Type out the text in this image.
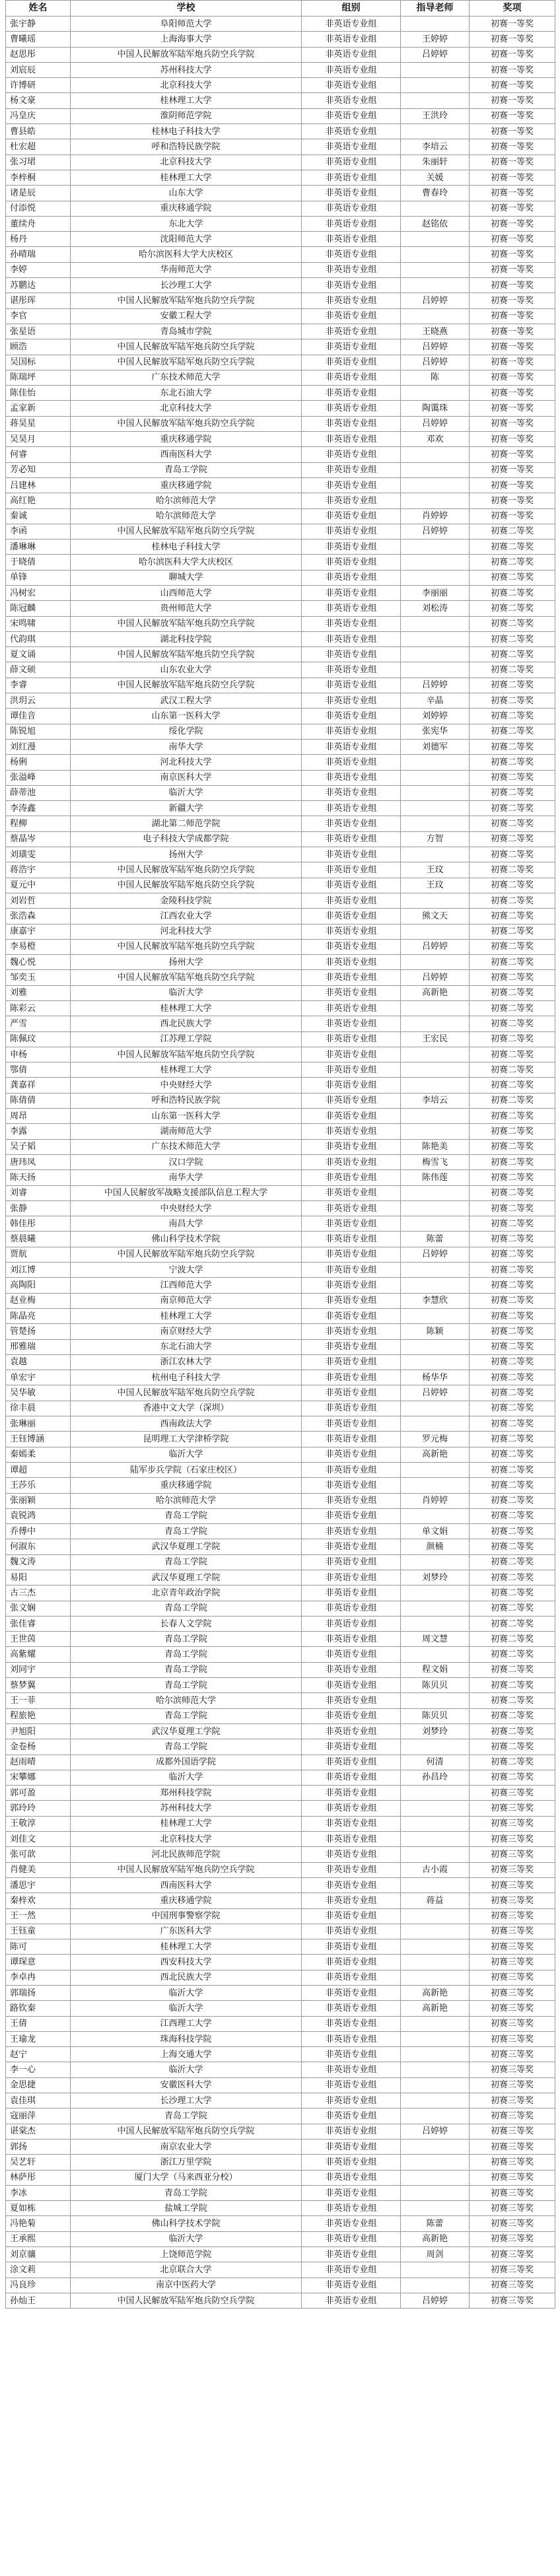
姓名	学校	组别	指导老师	奖项
张宇静	阜阳师范大学	非英语专业组		初赛一等奖
曹曦瑶	上海海事大学	非英语专业组	王婷婷	初赛一等奖
赵思彤	中国人民解放军陆军炮兵防空兵学院	非英语专业组	吕婷婷	初赛一等奖
刘宸辰	苏州科技大学	非英语专业组		初赛一等奖
许博研	北京科技大学	非英语专业组		初赛一等奖
杨文豪	桂林理工大学	非英语专业组		初赛一等奖
冯皇庆	淮阴师范学院	非英语专业组	王洪玲	初赛一等奖
曹县皓	桂林电子科技大学	非英语专业组		初赛一等奖
杜宏超	呼和浩特民族学院	非英语专业组	李培云	初赛一等奖
张习珺	北京科技大学	非英语专业组	朱丽轩	初赛一等奖
李梓桐	桂林理工大学	非英语专业组	关媛	初赛一等奖
诸是辰	山东大学	非英语专业组	曹春玲	初赛一等奖
付添悦	重庆移通学院	非英语专业组		初赛一等奖
董续舟	东北大学	非英语专业组	赵铭依	初赛一等奖
杨丹	沈阳师范大学	非英语专业组		初赛一等奖
孙晴瑞	哈尔滨医科大学大庆校区	非英语专业组		初赛一等奖
李婷	华南师范大学	非英语专业组		初赛一等奖
苏鹏达	长沙理工大学	非英语专业组		初赛一等奖
谌彤珲	中国人民解放军陆军炮兵防空兵学院	非英语专业组	吕婷婷	初赛一等奖
李官	安徽工程大学	非英语专业组		初赛一等奖
张星语	青岛城市学院	非英语专业组	王晓燕	初赛一等奖
顾浩	中国人民解放军陆军炮兵防空兵学院	非英语专业组	吕婷婷	初赛一等奖
吴国标	中国人民解放军陆军炮兵防空兵学院	非英语专业组	吕婷婷	初赛一等奖
陈瑞坪	广东技术师范大学	非英语专业组	陈	初赛一等奖
陈佳怡	东北石油大学	非英语专业组		初赛一等奖
孟家新	北京科技大学	非英语专业组	陶霭珠	初赛一等奖
蒋昊星	中国人民解放军陆军炮兵防空兵学院	非英语专业组	吕婷婷	初赛一等奖
吴昊月	重庆移通学院	非英语专业组	邓欢	初赛一等奖
何睿	西南医科大学	非英语专业组		初赛一等奖
芳必知	青岛工学院	非英语专业组		初赛一等奖
吕建林	重庆移通学院	非英语专业组		初赛一等奖
高红艳	哈尔滨师范大学	非英语专业组		初赛一等奖
秦诚	哈尔滨师范大学	非英语专业组	肖婷婷	初赛一等奖
李函	中国人民解放军陆军炮兵防空兵学院	非英语专业组	吕婷婷	初赛二等奖
潘琳琳	桂林电子科技大学	非英语专业组		初赛二等奖
于晓倩	哈尔滨医科大学大庆校区	非英语专业组		初赛二等奖
单锋	聊城大学	非英语专业组		初赛二等奖
冯树宏	山西师范大学	非英语专业组	李丽丽	初赛二等奖
陈冠麟	贵州师范大学	非英语专业组	刘松涛	初赛二等奖
宋鸣啸	中国人民解放军陆军炮兵防空兵学院	非英语专业组		初赛二等奖
代韵琪	湖北科技学院	非英语专业组		初赛二等奖
夏文诵	中国人民解放军陆军炮兵防空兵学院	非英语专业组		初赛二等奖
薛文硕	山东农业大学	非英语专业组		初赛二等奖
李睿	中国人民解放军陆军炮兵防空兵学院	非英语专业组	吕婷婷	初赛二等奖
洪玥云	武汉工程大学	非英语专业组	辛晶	初赛二等奖
谭佳音	山东第一医科大学	非英语专业组	刘婷婷	初赛二等奖
陈锐旭	绥化学院	非英语专业组	张宪华	初赛二等奖
刘红漫	南华大学	非英语专业组	刘德军	初赛二等奖
杨俐	河北科技大学	非英语专业组		初赛二等奖
张溢峰	南京医科大学	非英语专业组		初赛二等奖
薛蒂池	临沂大学	非英语专业组		初赛二等奖
李涛鑫	新疆大学	非英语专业组		初赛二等奖
程柳	湖北第二师范学院	非英语专业组		初赛二等奖
蔡晶岑	电子科技大学成都学院	非英语专业组	方智	初赛二等奖
刘璜雯	扬州大学	非英语专业组		初赛二等奖
蒋浩宇	中国人民解放军陆军炮兵防空兵学院	非英语专业组	王玟	初赛二等奖
夏元中	中国人民解放军陆军炮兵防空兵学院	非英语专业组	王玟	初赛二等奖
刘岩哲	金陵科技学院	非英语专业组		初赛二等奖
张浩森	江西农业大学	非英语专业组	熊文天	初赛二等奖
康嘉宇	河北科技大学	非英语专业组		初赛二等奖
李易橙	中国人民解放军陆军炮兵防空兵学院	非英语专业组	吕婷婷	初赛二等奖
魏心悦	扬州大学	非英语专业组		初赛二等奖
邹奕玉	中国人民解放军陆军炮兵防空兵学院	非英语专业组	吕婷婷	初赛二等奖
刘雅	临沂大学	非英语专业组	高新艳	初赛二等奖
陈彩云	桂林理工大学	非英语专业组		初赛二等奖
严雪	西北民族大学	非英语专业组		初赛二等奖
陈佩玟	江苏理工学院	非英语专业组	王宏民	初赛二等奖
申杨	中国人民解放军陆军炮兵防空兵学院	非英语专业组		初赛二等奖
鄂倩	桂林理工大学	非英语专业组		初赛二等奖
龚嘉祥	中央财经大学	非英语专业组		初赛二等奖
陈倩倩	呼和浩特民族学院	非英语专业组	李培云	初赛二等奖
周昂	山东第一医科大学	非英语专业组		初赛二等奖
李露	湖南师范大学	非英语专业组		初赛二等奖
吴子韬	广东技术师范大学	非英语专业组	陈艳美	初赛二等奖
唐玮凤	汉口学院	非英语专业组	梅雪飞	初赛二等奖
陈天扬	南华大学	非英语专业组	陈伟莲	初赛二等奖
刘睿	中国人民解放军战略支援部队信息工程大学	非英语专业组		初赛二等奖
张静	中央财经大学	非英语专业组		初赛二等奖
韩佳彤	南昌大学	非英语专业组		初赛二等奖
蔡晨曦	佛山科学技术学院	非英语专业组	陈蕾	初赛二等奖
贾航	中国人民解放军陆军炮兵防空兵学院	非英语专业组	吕婷婷	初赛二等奖
刘江博	宁波大学	非英语专业组		初赛二等奖
高陶阳	江西师范大学	非英语专业组		初赛二等奖
赵业梅	南京师范大学	非英语专业组	李慧欣	初赛二等奖
陈晶亮	桂林理工大学	非英语专业组		初赛二等奖
管楚扬	南京财经大学	非英语专业组	陈颖	初赛二等奖
邢雅瑞	东北石油大学	非英语专业组		初赛二等奖
袁越	浙江农林大学	非英语专业组		初赛二等奖
单宏宇	杭州电子科技大学	非英语专业组	杨华华	初赛二等奖
吴华敏	中国人民解放军陆军炮兵防空兵学院	非英语专业组	吕婷婷	初赛二等奖
徐丰晨	香港中文大学（深圳）	非英语专业组		初赛二等奖
张琳丽	西南政法大学	非英语专业组		初赛二等奖
王钰博涵	昆明理工大学津桥学院	非英语专业组	罗元梅	初赛二等奖
秦嫣柔	临沂大学	非英语专业组	高新艳	初赛二等奖
谭超	陆军步兵学院（石家庄校区）	非英语专业组		初赛二等奖
王莎乐	重庆移通学院	非英语专业组		初赛二等奖
张丽颖	哈尔滨师范大学	非英语专业组	肖婷婷	初赛二等奖
袁锐鸿	青岛工学院	非英语专业组		初赛二等奖
乔傅中	青岛工学院	非英语专业组	单文娟	初赛二等奖
何淑东	武汉华夏理工学院	非英语专业组	颜楠	初赛二等奖
魏文涛	青岛工学院	非英语专业组		初赛二等奖
易阳	武汉华夏理工学院	非英语专业组	刘梦玲	初赛二等奖
古三杰	北京青年政治学院	非英语专业组		初赛二等奖
张文娴	青岛工学院	非英语专业组		初赛二等奖
张佳睿	长春人文学院	非英语专业组		初赛二等奖
王世茵	青岛工学院	非英语专业组	周文慧	初赛二等奖
高紫耀	青岛工学院	非英语专业组		初赛二等奖
刘同宇	青岛工学院	非英语专业组	程文娟	初赛二等奖
蔡梦翼	青岛工学院	非英语专业组	陈贝贝	初赛二等奖
王一菲	哈尔滨师范大学	非英语专业组		初赛二等奖
程旅艳	青岛工学院	非英语专业组	陈贝贝	初赛二等奖
尹旭阳	武汉华夏理工学院	非英语专业组	刘梦玲	初赛二等奖
金卷杨	青岛工学院	非英语专业组		初赛二等奖
赵雨晴	成都外国语学院	非英语专业组	何清	初赛二等奖
宋攀娜	临沂大学	非英语专业组	孙昌玲	初赛二等奖
郭可盈	郑州科技学院	非英语专业组		初赛三等奖
郭玲玲	苏州科技大学	非英语专业组		初赛三等奖
王敬淳	桂林理工大学	非英语专业组		初赛三等奖
刘佳文	北京科技大学	非英语专业组		初赛三等奖
张可歆	河北民族师范学院	非英语专业组		初赛三等奖
肖健美	中国人民解放军陆军炮兵防空兵学院	非英语专业组	古小霞	初赛三等奖
潘思宇	西南医科大学	非英语专业组		初赛三等奖
秦梓欢	重庆移通学院	非英语专业组	蒋益	初赛三等奖
王一然	中国刑事警察学院	非英语专业组		初赛三等奖
王钰童	广东医科大学	非英语专业组		初赛三等奖
陈可	桂林理工大学	非英语专业组		初赛三等奖
谭琛意	西安科技大学	非英语专业组		初赛三等奖
李卓冉	西北民族大学	非英语专业组		初赛三等奖
郭瑞扬	临沂大学	非英语专业组	高新艳	初赛三等奖
路钦秦	临沂大学	非英语专业组	高新艳	初赛三等奖
王倩	江西理工大学	非英语专业组		初赛三等奖
王瑜龙	珠海科技学院	非英语专业组		初赛三等奖
赵宁	上海交通大学	非英语专业组		初赛三等奖
李一心	临沂大学	非英语专业组		初赛三等奖
金思捷	安徽医科大学	非英语专业组		初赛三等奖
袁佳琪	长沙理工大学	非英语专业组		初赛三等奖
寇丽萍	青岛工学院	非英语专业组		初赛三等奖
谌棠杰	中国人民解放军陆军炮兵防空兵学院	非英语专业组	吕婷婷	初赛三等奖
郭扬	南京农业大学	非英语专业组		初赛三等奖
吴艺轩	浙江万里学院	非英语专业组		初赛三等奖
林萨彤	厦门大学（马来西亚分校）	非英语专业组		初赛三等奖
李冰	青岛工学院	非英语专业组		初赛三等奖
夏如栋	盐城工学院	非英语专业组		初赛三等奖
冯艳菊	佛山科学技术学院	非英语专业组	陈蕾	初赛三等奖
王承熙	临沂大学	非英语专业组	高新艳	初赛三等奖
刘京骧	上饶师范学院	非英语专业组	周剑	初赛三等奖
涂文莉	北京联合大学	非英语专业组		初赛三等奖
冯良珍	南京中医药大学	非英语专业组		初赛三等奖
孙灿王	中国人民解放军陆军炮兵防空兵学院	非英语专业组	吕婷婷	初赛三等奖
